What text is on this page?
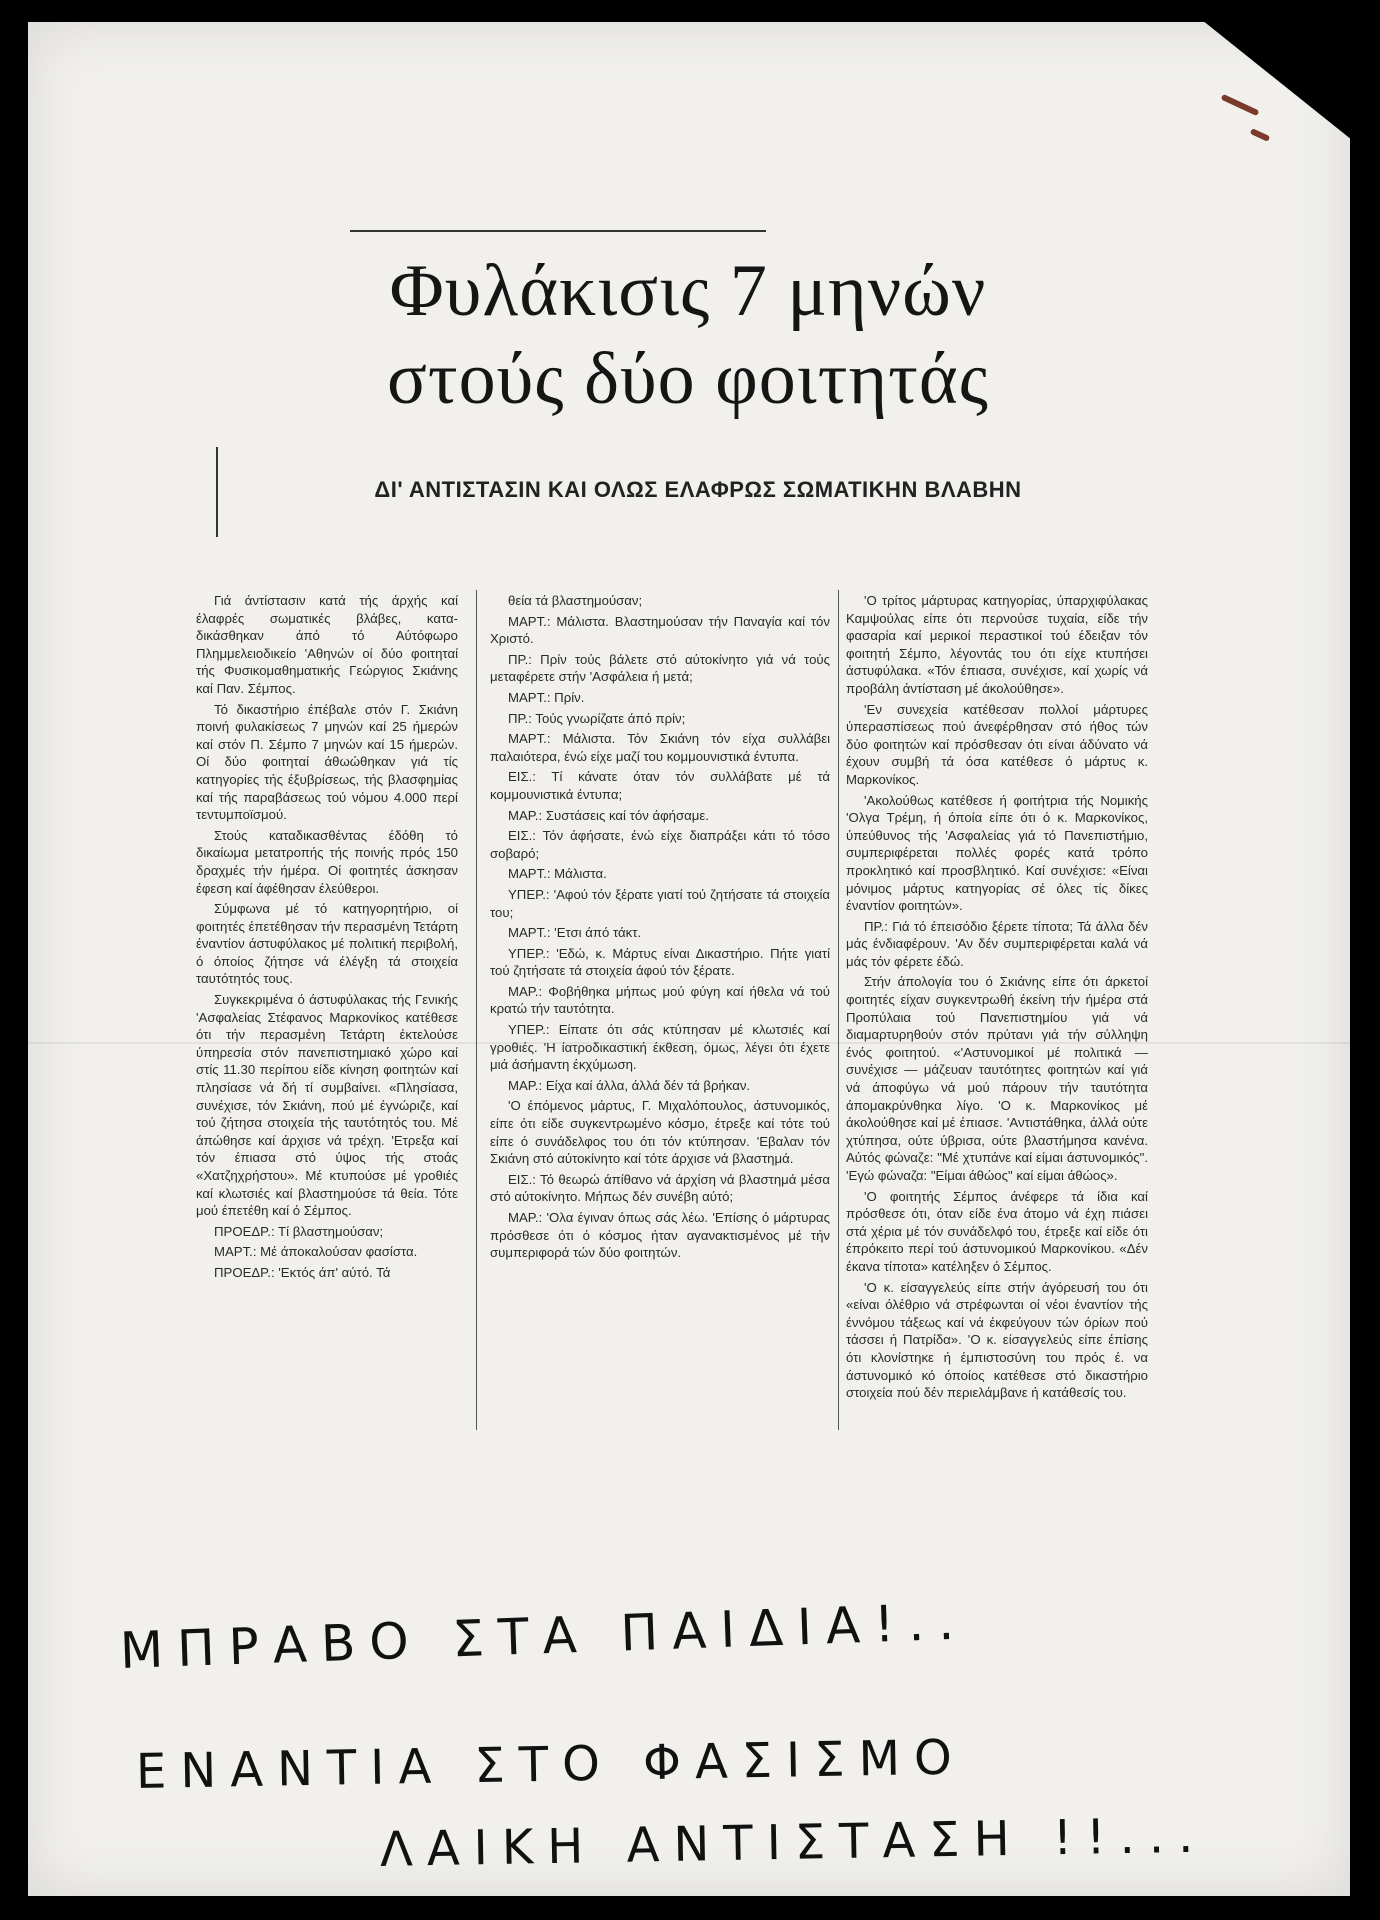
Φυλάκισις 7 μηνών
στούς δύο φοιτητάς
ΔΙ' ΑΝΤΙΣΤΑΣΙΝ ΚΑΙ ΟΛΩΣ ΕΛΑΦΡΩΣ ΣΩΜΑΤΙΚΗΝ ΒΛΑΒΗΝ

Γιά άντίστασιν κατά τής άρχής καί έλαφρές σωματικές βλάβες, κατα-δικάσθηκαν άπό τό Αύτόφωρο Πλημμελειοδικείο 'Αθηνών οί δύο φοιτηταί τής Φυσικομαθηματικής Γεώργιος Σκιάνης καί Παν. Σέμπος.

Τό δικαστήριο έπέβαλε στόν Γ. Σκιάνη ποινή φυλακίσεως 7 μηνών καί 25 ήμερών καί στόν Π. Σέμπο 7 μηνών καί 15 ήμερών. Οί δύο φοιτηταί άθωώθηκαν γιά τίς κατηγορίες τής έξυβρίσεως, τής βλασφημίας καί τής παραβάσεως τού νόμου 4.000 περί τεντυμποϊσμού.

Στούς καταδικασθέντας έδόθη τό δικαίωμα μετατροπής τής ποινής πρός 150 δραχμές τήν ήμέρα. Οί φοιτητές άσκησαν έφεση καί άφέθησαν έλεύθεροι.

Σύμφωνα μέ τό κατηγορητήριο, οί φοιτητές έπετέθησαν τήν περασμένη Τετάρτη έναντίον άστυφύλακος μέ πολιτική περιβολή, ό όποίος ζήτησε νά έλέγξη τά στοιχεία ταυτότητός τους.

Συγκεκριμένα ό άστυφύλακας τής Γενικής 'Ασφαλείας Στέφανος Μαρκονίκος κατέθεσε ότι τήν περασμένη Τετάρτη έκτελούσε ύπηρεσία στόν πανεπιστημιακό χώρο καί στίς 11.30 περίπου είδε κίνηση φοιτητών καί πλησίασε νά δή τί συμβαίνει. «Πλησίασα, συνέχισε, τόν Σκιάνη, πού μέ έγνώριζε, καί τού ζήτησα στοιχεία τής ταυτότητός του. Μέ άπώθησε καί άρχισε νά τρέχη. 'Ετρεξα καί τόν έπιασα στό ύψος τής στοάς «Χατζηχρήστου». Μέ κτυπούσε μέ γροθιές καί κλωτσιές καί βλαστημούσε τά θεία. Τότε μού έπετέθη καί ό Σέμπος.

ΠΡΟΕΔΡ.: Τί βλαστημούσαν;

ΜΑΡΤ.: Μέ άποκαλούσαν φασίστα.

ΠΡΟΕΔΡ.: 'Εκτός άπ' αύτό. Τά

θεία τά βλαστημούσαν;

ΜΑΡΤ.: Μάλιστα. Βλαστημούσαν τήν Παναγία καί τόν Χριστό.

ΠΡ.: Πρίν τούς βάλετε στό αύτοκίνητο γιά νά τούς μεταφέρετε στήν 'Ασφάλεια ή μετά;

ΜΑΡΤ.: Πρίν.

ΠΡ.: Τούς γνωρίζατε άπό πρίν;

ΜΑΡΤ.: Μάλιστα. Τόν Σκιάνη τόν είχα συλλάβει παλαιότερα, ένώ είχε μαζί του κομμουνιστικά έντυπα.

ΕΙΣ.: Τί κάνατε όταν τόν συλλάβατε μέ τά κομμουνιστικά έντυπα;

ΜΑΡ.: Συστάσεις καί τόν άφήσαμε.

ΕΙΣ.: Τόν άφήσατε, ένώ είχε διαπράξει κάτι τό τόσο σοβαρό;

ΜΑΡΤ.: Μάλιστα.

ΥΠΕΡ.: 'Αφού τόν ξέρατε γιατί τού ζητήσατε τά στοιχεία του;

ΜΑΡΤ.: 'Ετσι άπό τάκτ.

ΥΠΕΡ.: 'Εδώ, κ. Μάρτυς είναι Δικαστήριο. Πήτε γιατί τού ζητήσατε τά στοιχεία άφού τόν ξέρατε.

ΜΑΡ.: Φοβήθηκα μήπως μού φύγη καί ήθελα νά τού κρατώ τήν ταυτότητα.

ΥΠΕΡ.: Είπατε ότι σάς κτύπησαν μέ κλωτσιές καί γροθιές. 'Η ίατροδικαστική έκθεση, όμως, λέγει ότι έχετε μιά άσήμαντη έκχύμωση.

ΜΑΡ.: Είχα καί άλλα, άλλά δέν τά βρήκαν.

'Ο έπόμενος μάρτυς, Γ. Μιχαλόπουλος, άστυνομικός, είπε ότι είδε συγκεντρωμένο κόσμο, έτρεξε καί τότε τού είπε ό συνάδελφος του ότι τόν κτύπησαν. 'Εβαλαν τόν Σκιάνη στό αύτοκίνητο καί τότε άρχισε νά βλαστημά.

ΕΙΣ.: Τό θεωρώ άπίθανο νά άρχίση νά βλαστημά μέσα στό αύτοκίνητο. Μήπως δέν συνέβη αύτό;

ΜΑΡ.: 'Ολα έγιναν όπως σάς λέω. 'Επίσης ό μάρτυρας πρόσθεσε ότι ό κόσμος ήταν αγανακτισμένος μέ τήν συμπεριφορά τών δύο φοιτητών.

'Ο τρίτος μάρτυρας κατηγορίας, ύπαρχιφύλακας Καμψούλας είπε ότι περνούσε τυχαία, είδε τήν φασαρία καί μερικοί περαστικοί τού έδειξαν τόν φοιτητή Σέμπο, λέγοντάς του ότι είχε κτυπήσει άστυφύλακα. «Τόν έπιασα, συνέχισε, καί χωρίς νά προβάλη άντίσταση μέ άκολούθησε».

'Εν συνεχεία κατέθεσαν πολλοί μάρτυρες ύπερασπίσεως πού άνεφέρθησαν στό ήθος τών δύο φοιτητών καί πρόσθεσαν ότι είναι άδύνατο νά έχουν συμβή τά όσα κατέθεσε ό μάρτυς κ. Μαρκονίκος.

'Ακολούθως κατέθεσε ή φοιτήτρια τής Νομικής 'Ολγα Τρέμη, ή όποία είπε ότι ό κ. Μαρκονίκος, ύπεύθυνος τής 'Ασφαλείας γιά τό Πανεπιστήμιο, συμπεριφέρεται πολλές φορές κατά τρόπο προκλητικό καί προσβλητικό. Καί συνέχισε: «Είναι μόνιμος μάρτυς κατηγορίας σέ όλες τίς δίκες έναντίον φοιτητών».

ΠΡ.: Γιά τό έπεισόδιο ξέρετε τίποτα; Τά άλλα δέν μάς ένδιαφέρουν. 'Αν δέν συμπεριφέρεται καλά νά μάς τόν φέρετε έδώ.

Στήν άπολογία του ό Σκιάνης είπε ότι άρκετοί φοιτητές είχαν συγκεντρωθή έκείνη τήν ήμέρα στά Προπύλαια τού Πανεπιστημίου γιά νά διαμαρτυρηθούν στόν πρύτανι γιά τήν σύλληψη ένός φοιτητού. «'Αστυνομικοί μέ πολιτικά — συνέχισε — μάζευαν ταυτότητες φοιτητών καί γιά νά άποφύγω νά μού πάρουν τήν ταυτότητα άπομακρύνθηκα λίγο. 'Ο κ. Μαρκονίκος μέ άκολούθησε καί μέ έπιασε. 'Αντιστάθηκα, άλλά ούτε χτύπησα, ούτε ύβρισα, ούτε βλαστήμησα κανένα. Αύτός φώναζε: "Μέ χτυπάνε καί είμαι άστυνομικός". 'Εγώ φώναζα: "Είμαι άθώος" καί είμαι άθώος».

'Ο φοιτητής Σέμπος άνέφερε τά ίδια καί πρόσθεσε ότι, όταν είδε ένα άτομο νά έχη πιάσει στά χέρια μέ τόν συνάδελφό του, έτρεξε καί είδε ότι έπρόκειτο περί τού άστυνομικού Μαρκονίκου. «Δέν έκανα τίποτα» κατέληξεν ό Σέμπος.

'Ο κ. είσαγγελεύς είπε στήν άγόρευσή του ότι «είναι όλέθριο νά στρέφωνται οί νέοι έναντίον τής έννόμου τάξεως καί νά έκφεύγουν τών όρίων πού τάσσει ή Πατρίδα». 'Ο κ. είσαγγελεύς είπε έπίσης ότι κλονίστηκε ή έμπιστοσύνη του πρός έ. να άστυνομικό κό όποίος κατέθεσε στό δικαστήριο στοιχεία πού δέν περιελάμβανε ή κατάθεσίς του.

ΜΠΡΑΒΟ ΣΤΑ ΠΑΙΔΙΑ!..
ΕΝΑΝΤΙΑ ΣΤΟ ΦΑΣΙΣΜΟ
ΛΑΙΚΗ ΑΝΤΙΣΤΑΣΗ !!...
